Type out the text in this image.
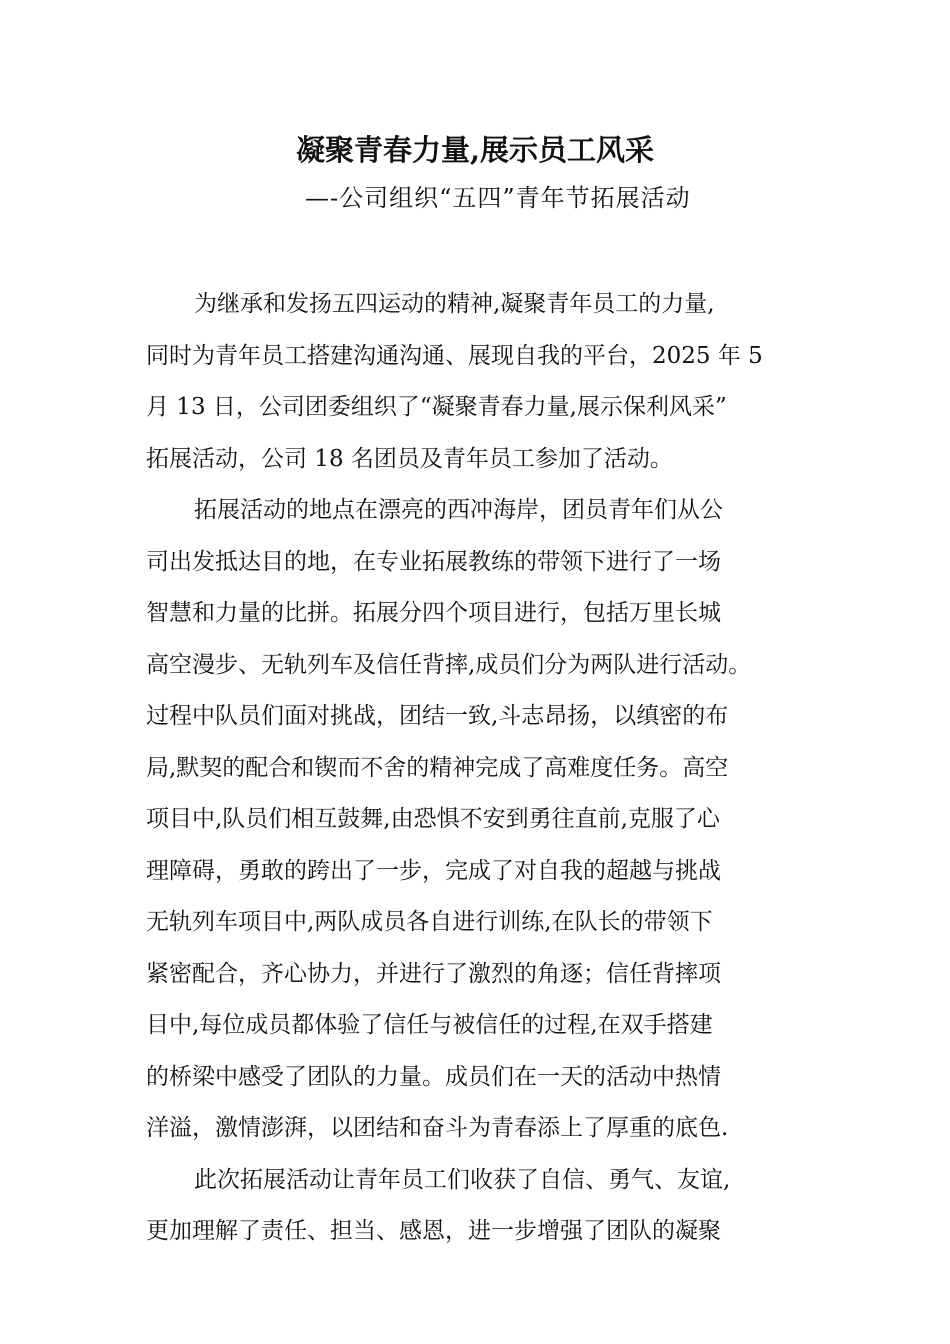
凝聚青春力量,展示员工风采
—-公司组织“五四”青年节拓展活动
为继承和发扬五四运动的精神,凝聚青年员工的力量,
同时为青年员工搭建沟通沟通、展现自我的平台，2025 年 5
月 13 日，公司团委组织了“凝聚青春力量,展示保利风采”
拓展活动，公司 18 名团员及青年员工参加了活动。
拓展活动的地点在漂亮的西冲海岸，团员青年们从公
司出发抵达目的地，在专业拓展教练的带领下进行了一场
智慧和力量的比拼。拓展分四个项目进行，包括万里长城
高空漫步、无轨列车及信任背摔,成员们分为两队进行活动。
过程中队员们面对挑战，团结一致,斗志昂扬，以缜密的布
局,默契的配合和锲而不舍的精神完成了高难度任务。高空
项目中,队员们相互鼓舞,由恐惧不安到勇往直前,克服了心
理障碍，勇敢的跨出了一步，完成了对自我的超越与挑战
无轨列车项目中,两队成员各自进行训练,在队长的带领下
紧密配合，齐心协力，并进行了激烈的角逐；信任背摔项
目中,每位成员都体验了信任与被信任的过程,在双手搭建
的桥梁中感受了团队的力量。成员们在一天的活动中热情
洋溢，激情澎湃，以团结和奋斗为青春添上了厚重的底色.
此次拓展活动让青年员工们收获了自信、勇气、友谊,
更加理解了责任、担当、感恩，进一步增强了团队的凝聚
